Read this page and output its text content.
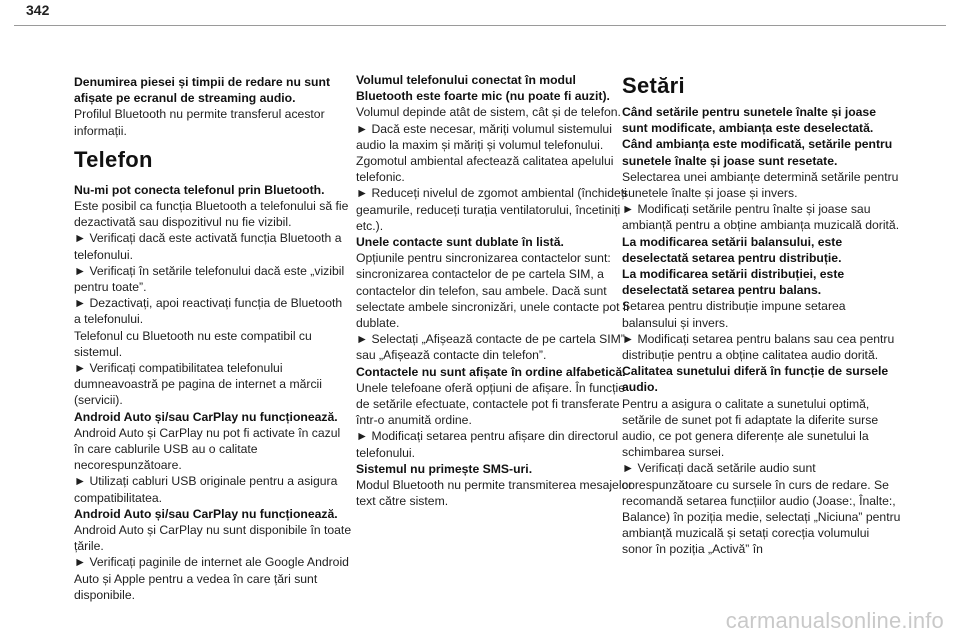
342

Denumirea piesei și timpii de redare nu sunt afișate pe ecranul de streaming audio.

Profilul Bluetooth nu permite transferul acestor informații.

Telefon

Nu-mi pot conecta telefonul prin Bluetooth.

Este posibil ca funcția Bluetooth a telefonului să fie dezactivată sau dispozitivul nu fie vizibil.

► Verificați dacă este activată funcția Bluetooth a telefonului.

► Verificați în setările telefonului dacă este „vizibil pentru toate”.

► Dezactivați, apoi reactivați funcția de Bluetooth a telefonului.

Telefonul cu Bluetooth nu este compatibil cu sistemul.

► Verificați compatibilitatea telefonului dumneavoastră pe pagina de internet a mărcii (servicii).

Android Auto și/sau CarPlay nu funcționează.

Android Auto și CarPlay nu pot fi activate în cazul în care cablurile USB au o calitate necorespunzătoare.

► Utilizați cabluri USB originale pentru a asigura compatibilitatea.

Android Auto și/sau CarPlay nu funcționează.

Android Auto și CarPlay nu sunt disponibile în toate țările.

► Verificați paginile de internet ale Google Android Auto și Apple pentru a vedea în care țări sunt disponibile.

Volumul telefonului conectat în modul Bluetooth este foarte mic (nu poate fi auzit).

Volumul depinde atât de sistem, cât și de telefon.

► Dacă este necesar, măriți volumul sistemului audio la maxim și măriți și volumul telefonului.

Zgomotul ambiental afectează calitatea apelului telefonic.

► Reduceți nivelul de zgomot ambiental (închideți geamurile, reduceți turația ventilatorului, încetiniți etc.).

Unele contacte sunt dublate în listă.

Opțiunile pentru sincronizarea contactelor sunt: sincronizarea contactelor de pe cartela SIM, a contactelor din telefon, sau ambele. Dacă sunt selectate ambele sincronizări, unele contacte pot fi dublate.

► Selectați „Afișează contacte de pe cartela SIM” sau „Afișează contacte din telefon”.

Contactele nu sunt afișate în ordine alfabetică.

Unele telefoane oferă opțiuni de afișare. În funcție de setările efectuate, contactele pot fi transferate într-o anumită ordine.

► Modificați setarea pentru afișare din directorul telefonului.

Sistemul nu primește SMS-uri.

Modul Bluetooth nu permite transmiterea mesajelor text către sistem.

Setări

Când setările pentru sunetele înalte și joase sunt modificate, ambianța este deselectată.

Când ambianța este modificată, setările pentru sunetele înalte și joase sunt resetate.

Selectarea unei ambianțe determină setările pentru sunetele înalte și joase și invers.

► Modificați setările pentru înalte și joase sau ambianță pentru a obține ambianța muzicală dorită.

La modificarea setării balansului, este deselectată setarea pentru distribuție.

La modificarea setării distribuției, este deselectată setarea pentru balans.

Setarea pentru distribuție impune setarea balansului și invers.

► Modificați setarea pentru balans sau cea pentru distribuție pentru a obține calitatea audio dorită.

Calitatea sunetului diferă în funcție de sursele audio.

Pentru a asigura o calitate a sunetului optimă, setările de sunet pot fi adaptate la diferite surse audio, ce pot genera diferențe ale sunetului la schimbarea sursei.

► Verificați dacă setările audio sunt corespunzătoare cu sursele în curs de redare. Se recomandă setarea funcțiilor audio (Joase:, Înalte:, Balance) în poziția medie, selectați „Niciuna” pentru ambianță muzicală și setați corecția volumului sonor în poziția „Activă” în

carmanualsonline.info
